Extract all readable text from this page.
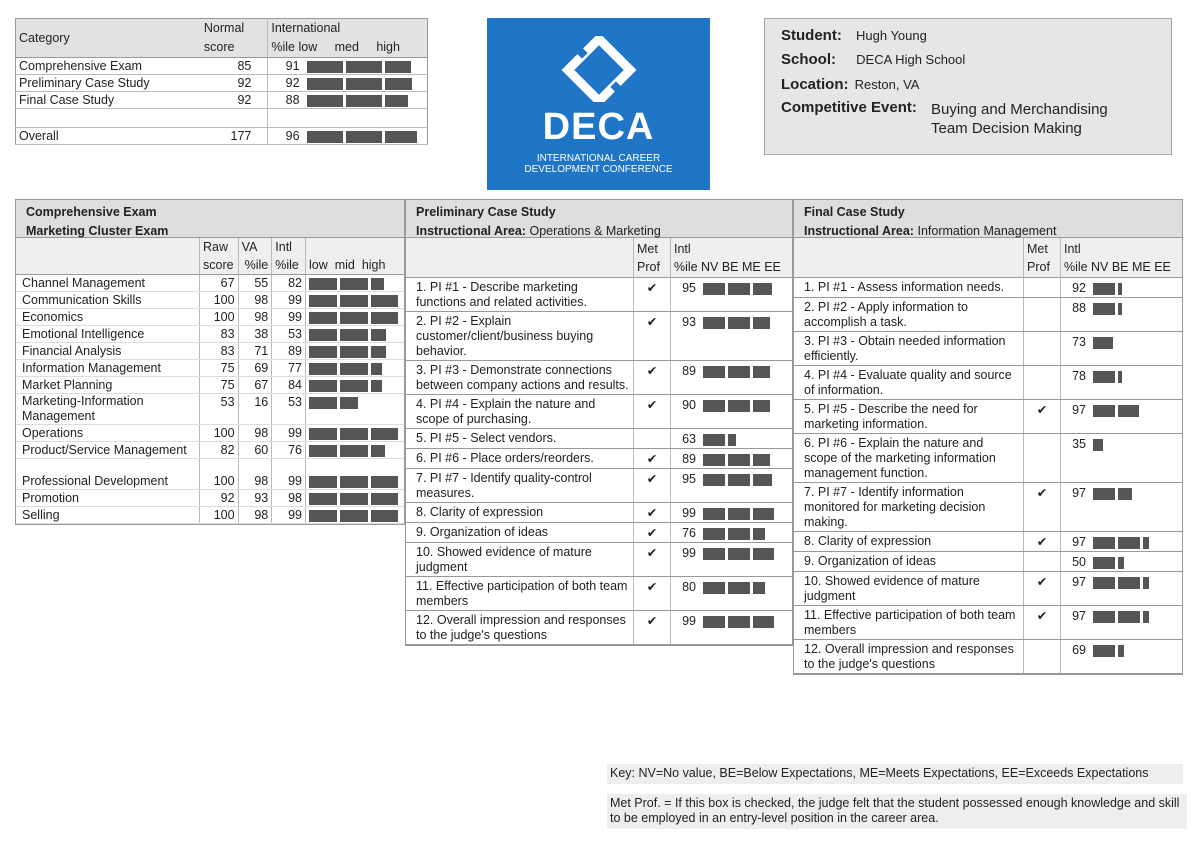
Category	Normal
score	International
%ile low med high	
Comprehensive Exam	85	91	
Preliminary Case Study	92	92	
Final Case Study	92	88	

Overall	177	96		DECA
INTERNATIONAL CAREER
DEVELOPMENT CONFERENCE
Student: Hugh Young
School: DECA High School
Location: Reston, VA
Competitive Event: Buying and Merchandising
Team Decision Making
Comprehensive Exam
Marketing Cluster Exam
	Raw
score	VA

%ile	Intl
%ile	low mid high
Channel Management	67	55	82	
Communication Skills	100	98	99	
Economics	100	98	99	
Emotional Intelligence	83	38	53	
Financial Analysis	83	71	89	
Information Management	75	69	77	
Market Planning	75	67	84	
Marketing-Information Management	53	16	53	
Operations	100	98	99	
Product/Service Management	82	60	76	
Professional Development	100	98	99	
Promotion	92	93	98	
Selling	100	98	99	
Preliminary Case Study
Instructional Area: Operations & Marketing
	Met
Prof	Intl
%ile	NV BE ME EE
1. PI #1 - Describe marketing functions and related activities.	✔	95	
2. PI #2 - Explain customer/client/business buying behavior.	✔	93	
3. PI #3 - Demonstrate connections between company actions and results.	✔	89	
4. PI #4 - Explain the nature and scope of purchasing.	✔	90	
5. PI #5 - Select vendors.		63	
6. PI #6 - Place orders/reorders.	✔	89	
7. PI #7 - Identify quality-control measures.	✔	95	
8. Clarity of expression	✔	99	
9. Organization of ideas	✔	76	
10. Showed evidence of mature judgment	✔	99	
11. Effective participation of both team members	✔	80	
12. Overall impression and responses to the judge's questions	✔	99	
Final Case Study
Instructional Area: Information Management
	Met
Prof	Intl
%ile	NV BE ME EE
1. PI #1 - Assess information needs.		92	
2. PI #2 - Apply information to accomplish a task.		88	
3. PI #3 - Obtain needed information efficiently.		73	
4. PI #4 - Evaluate quality and source of information.		78	
5. PI #5 - Describe the need for marketing information.	✔	97	
6. PI #6 - Explain the nature and scope of the marketing information management function.		35	
7. PI #7 - Identify information monitored for marketing decision making.	✔	97	
8. Clarity of expression	✔	97	
9. Organization of ideas		50	
10. Showed evidence of mature judgment	✔	97	
11. Effective participation of both team members	✔	97	
12. Overall impression and responses to the judge's questions		69	
Key: NV=No value, BE=Below Expectations, ME=Meets Expectations, EE=Exceeds Expectations
Met Prof. = If this box is checked, the judge felt that the student possessed enough knowledge and skill to be employed in an entry-level position in the career area.
